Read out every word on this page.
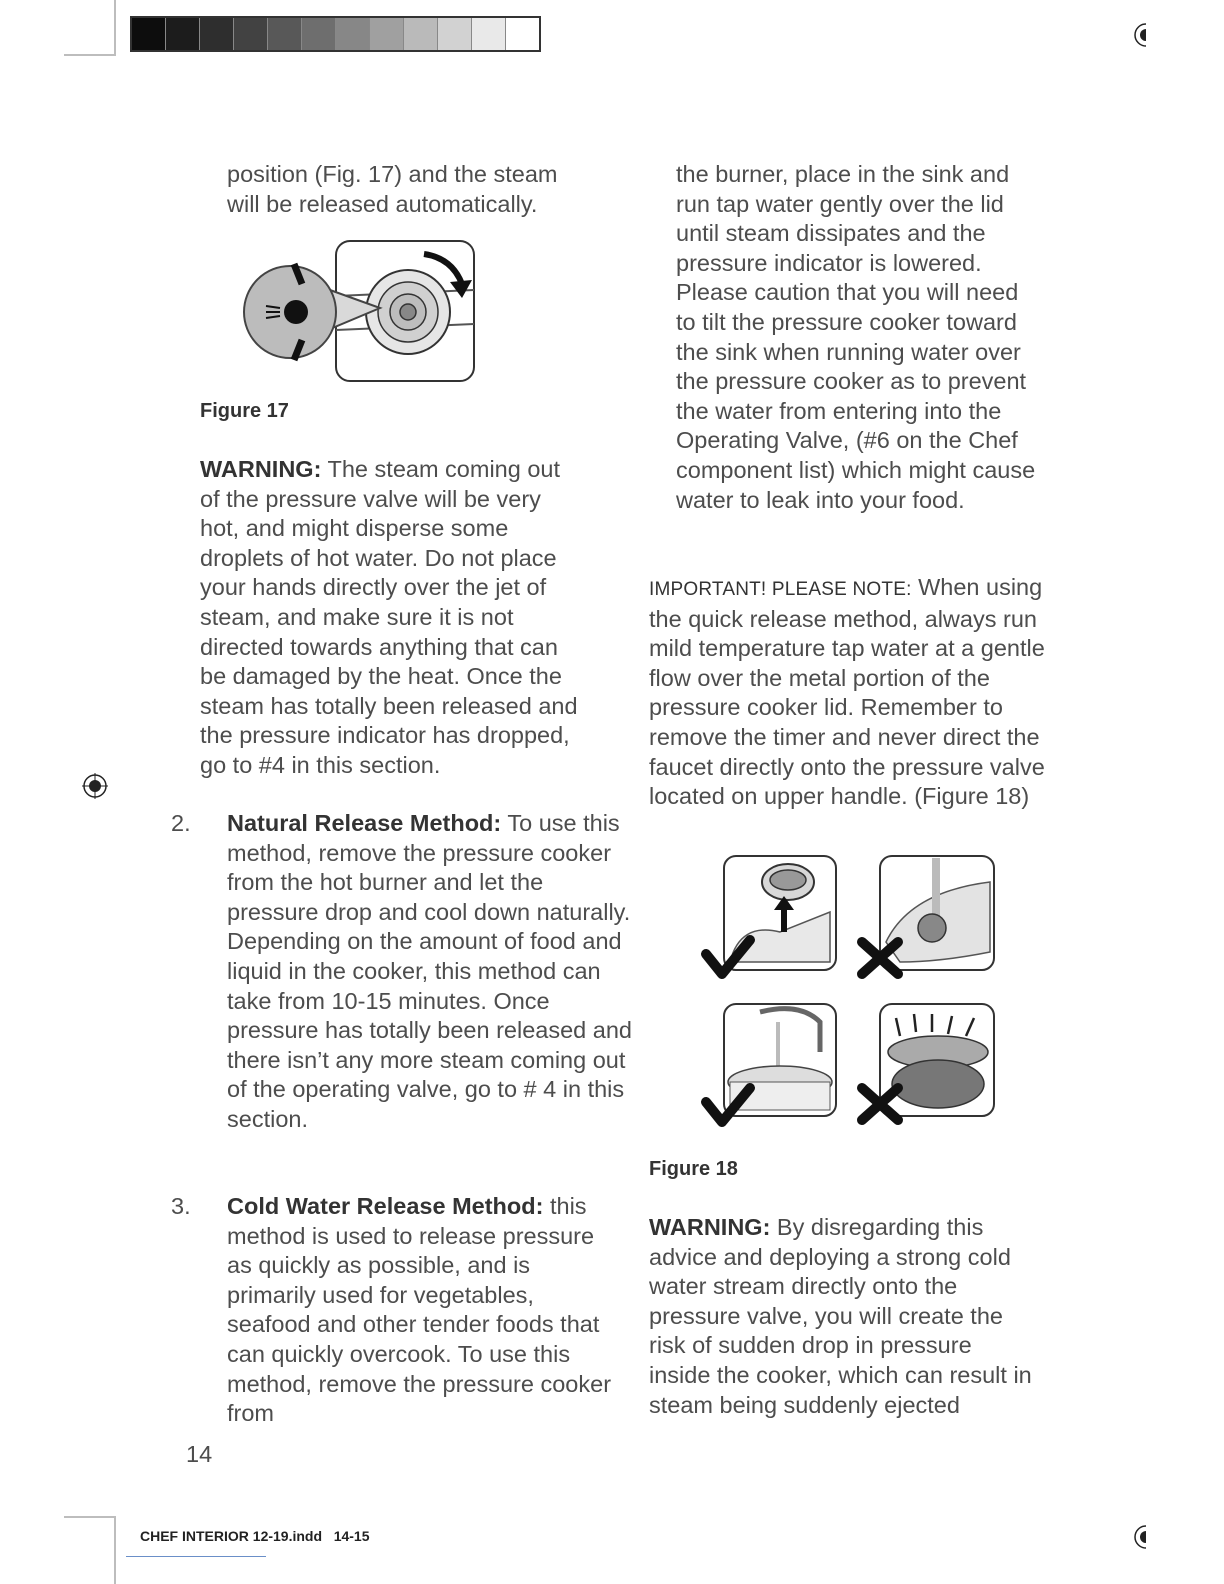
position (Fig. 17) and the steam will be released automatically.

Figure 17

WARNING: The steam coming out of the pressure valve will be very hot, and might disperse some droplets of hot water. Do not place your hands directly over the jet of steam, and make sure it is not directed towards anything that can be damaged by the heat. Once the steam has totally been released and the pressure indicator has dropped, go to #4 in this section.

2. Natural Release Method: To use this method, remove the pressure cooker from the hot burner and let the pressure drop and cool down naturally. Depending on the amount of food and liquid in the cooker, this method can take from 10-15 minutes. Once pressure has totally been released and there isn’t any more steam coming out of the operating valve, go to # 4 in this section.

3. Cold Water Release Method: this method is used to release pressure as quickly as possible, and is primarily used for vegetables, seafood and other tender foods that can quickly overcook. To use this method, remove the pressure cooker from

14

the burner, place in the sink and run tap water gently over the lid until steam dissipates and the pressure indicator is lowered. Please caution that you will need to tilt the pressure cooker toward the sink when running water over the pressure cooker as to prevent the water from entering into the Operating Valve, (#6 on the Chef component list) which might cause water to leak into your food.

IMPORTANT! PLEASE NOTE: When using the quick release method, always run mild temperature tap water at a gentle flow over the metal portion of the pressure cooker lid. Remember to remove the timer and never direct the faucet directly onto the pressure valve located on upper handle. (Figure 18)

Figure 18

WARNING: By disregarding this advice and deploying a strong cold water stream directly onto the pressure valve, you will create the risk of sudden drop in pressure inside the cooker, which can result in steam being suddenly ejected

CHEF INTERIOR 12-19.indd   14-15
